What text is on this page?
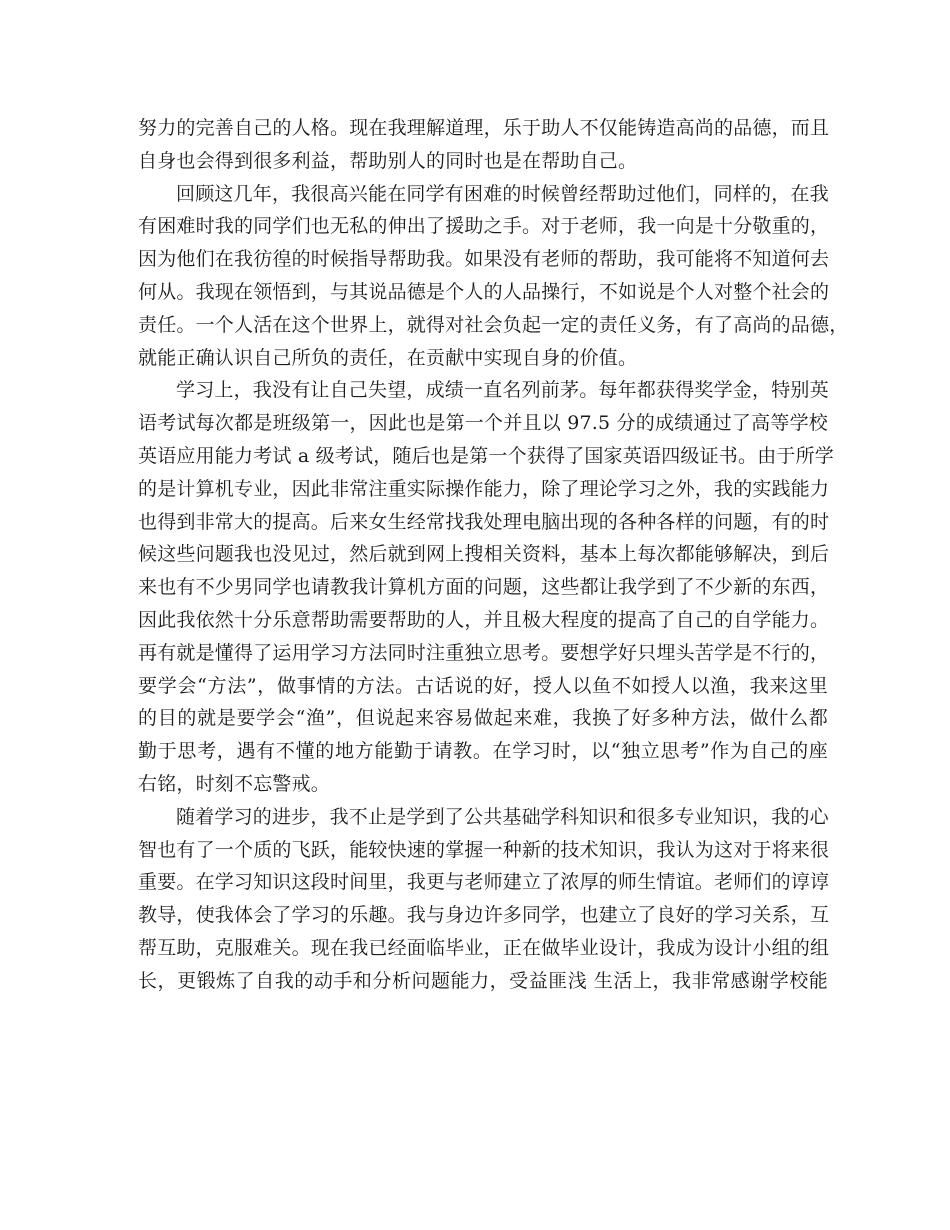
努力的完善自己的人格。现在我理解道理，乐于助人不仅能铸造高尚的品德，而且
自身也会得到很多利益，帮助别人的同时也是在帮助自己。
回顾这几年，我很高兴能在同学有困难的时候曾经帮助过他们，同样的，在我
有困难时我的同学们也无私的伸出了援助之手。对于老师，我一向是十分敬重的，
因为他们在我彷徨的时候指导帮助我。如果没有老师的帮助，我可能将不知道何去
何从。我现在领悟到，与其说品德是个人的人品操行，不如说是个人对整个社会的
责任。一个人活在这个世界上，就得对社会负起一定的责任义务，有了高尚的品德，
就能正确认识自己所负的责任，在贡献中实现自身的价值。
学习上，我没有让自己失望，成绩一直名列前茅。每年都获得奖学金，特别英
语考试每次都是班级第一，因此也是第一个并且以 97.5 分的成绩通过了高等学校
英语应用能力考试 a 级考试，随后也是第一个获得了国家英语四级证书。由于所学
的是计算机专业，因此非常注重实际操作能力，除了理论学习之外，我的实践能力
也得到非常大的提高。后来女生经常找我处理电脑出现的各种各样的问题，有的时
候这些问题我也没见过，然后就到网上搜相关资料，基本上每次都能够解决，到后
来也有不少男同学也请教我计算机方面的问题，这些都让我学到了不少新的东西，
因此我依然十分乐意帮助需要帮助的人，并且极大程度的提高了自己的自学能力。
再有就是懂得了运用学习方法同时注重独立思考。要想学好只埋头苦学是不行的，
要学会“方法”，做事情的方法。古话说的好，授人以鱼不如授人以渔，我来这里
的目的就是要学会“渔”，但说起来容易做起来难，我换了好多种方法，做什么都
勤于思考，遇有不懂的地方能勤于请教。在学习时，以“独立思考”作为自己的座
右铭，时刻不忘警戒。
随着学习的进步，我不止是学到了公共基础学科知识和很多专业知识，我的心
智也有了一个质的飞跃，能较快速的掌握一种新的技术知识，我认为这对于将来很
重要。在学习知识这段时间里，我更与老师建立了浓厚的师生情谊。老师们的谆谆
教导，使我体会了学习的乐趣。我与身边许多同学，也建立了良好的学习关系，互
帮互助，克服难关。现在我已经面临毕业，正在做毕业设计，我成为设计小组的组
长，更锻炼了自我的动手和分析问题能力，受益匪浅 生活上，我非常感谢学校能
